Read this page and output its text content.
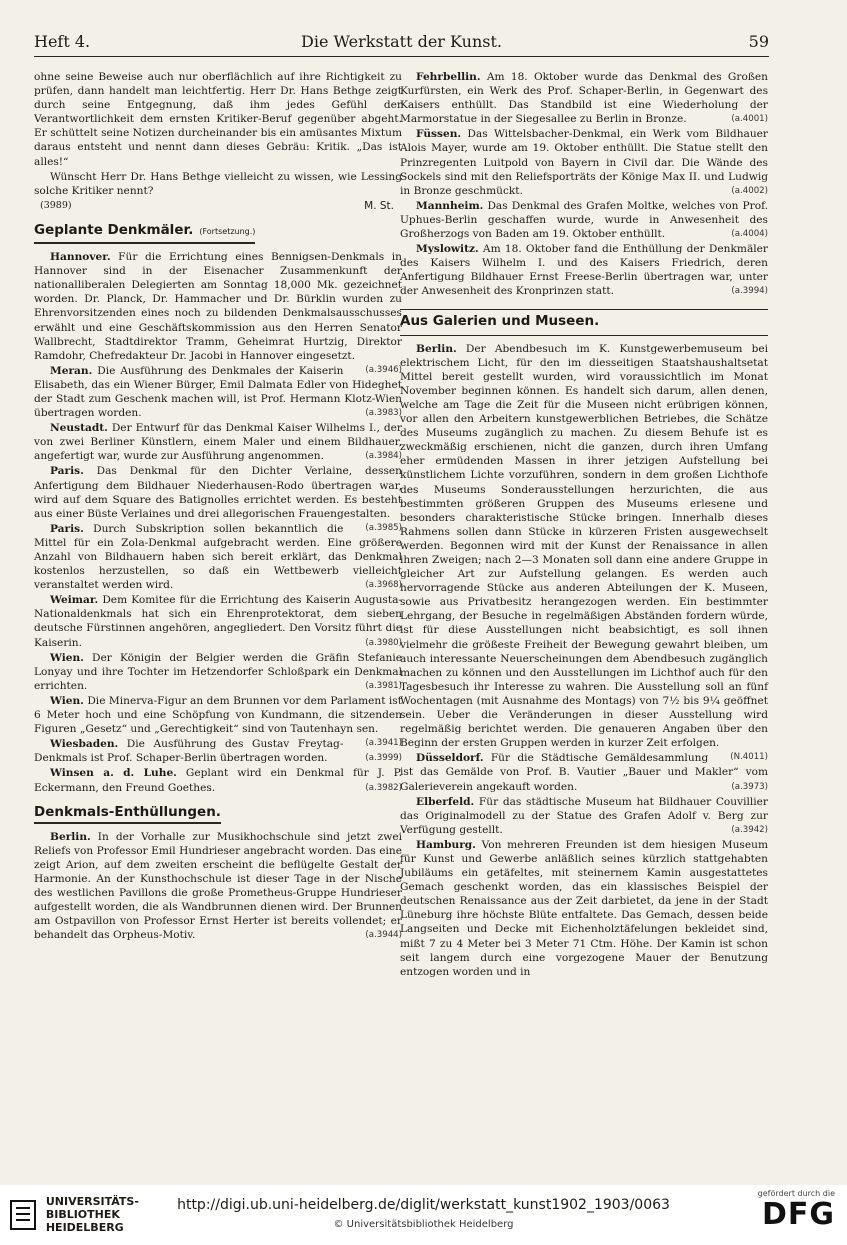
Heft 4.	Die Werkstatt der Kunst.	59

ohne seine Beweise auch nur oberflächlich auf ihre Richtigkeit zu prüfen, dann handelt man leichtfertig. Herr Dr. Hans Bethge zeigt durch seine Entgegnung, daß ihm jedes Gefühl der Verantwortlichkeit dem ernsten Kritiker-Beruf gegenüber abgeht. Er schüttelt seine Notizen durcheinander bis ein amüsantes Mixtum daraus entsteht und nennt dann dieses Gebräu: Kritik. „Das ist alles!“

Wünscht Herr Dr. Hans Bethge vielleicht zu wissen, wie Lessing solche Kritiker nennt?

(3989)	M. St.
Geplante Denkmäler. (Fortsetzung.)

Hannover. Für die Errichtung eines Bennigsen-Denkmals in Hannover sind in der Eisenacher Zusammenkunft der nationalliberalen Delegierten am Sonntag 18,000 Mk. gezeichnet worden. Dr. Planck, Dr. Hammacher und Dr. Bürklin wurden zu Ehrenvorsitzenden eines noch zu bildenden Denkmalsausschusses erwählt und eine Geschäftskommission aus den Herren Senator Wallbrecht, Stadtdirektor Tramm, Geheimrat Hurtzig, Direktor Ramdohr, Chefredakteur Dr. Jacobi in Hannover eingesetzt.
(a.3946)

Meran. Die Ausführung des Denkmales der Kaiserin Elisabeth, das ein Wiener Bürger, Emil Dalmata Edler von Hideghet der Stadt zum Geschenk machen will, ist Prof. Hermann Klotz-Wien übertragen worden.	(a.3983)

Neustadt. Der Entwurf für das Denkmal Kaiser Wilhelms I., der von zwei Berliner Künstlern, einem Maler und einem Bildhauer, angefertigt war, wurde zur Ausführung angenommen.	(a.3984)

Paris. Das Denkmal für den Dichter Verlaine, dessen Anfertigung dem Bildhauer Niederhausen-Rodo übertragen war, wird auf dem Square des Batignolles errichtet werden. Es besteht aus einer Büste Verlaines und drei allegorischen Frauengestalten.
(a.3985)

Paris. Durch Subskription sollen bekanntlich die Mittel für ein Zola-Denkmal aufgebracht werden. Eine größere Anzahl von Bildhauern haben sich bereit erklärt, das Denkmal kostenlos herzustellen, so daß ein Wettbewerb vielleicht veranstaltet werden wird.	(a.3968)

Weimar. Dem Komitee für die Errichtung des Kaiserin Augusta-Nationaldenkmals hat sich ein Ehrenprotektorat, dem sieben deutsche Fürstinnen angehören, angegliedert. Den Vorsitz führt die Kaiserin.	(a.3980)

Wien. Der Königin der Belgier werden die Gräfin Stefanie Lonyay und ihre Tochter im Hetzendorfer Schloßpark ein Denkmal errichten.	(a.3981)

Wien. Die Minerva-Figur an dem Brunnen vor dem Parlament ist 6 Meter hoch und eine Schöpfung von Kundmann, die sitzenden Figuren „Gesetz“ und „Gerechtigkeit“ sind von Tautenhayn sen.
(a.3941)

Wiesbaden. Die Ausführung des Gustav Freytag-Denkmals ist Prof. Schaper-Berlin übertragen worden.	(a.3999)

Winsen a. d. Luhe. Geplant wird ein Denkmal für J. P. Eckermann, den Freund Goethes.	(a.3982)

Denkmals-Enthüllungen.

Berlin. In der Vorhalle zur Musikhochschule sind jetzt zwei Reliefs von Professor Emil Hundrieser angebracht worden. Das eine zeigt Arion, auf dem zweiten erscheint die beflügelte Gestalt der Harmonie. An der Kunsthochschule ist dieser Tage in der Nische des westlichen Pavillons die große Prometheus-Gruppe Hundrieser aufgestellt worden, die als Wandbrunnen dienen wird. Der Brunnen am Ostpavillon von Professor Ernst Herter ist bereits vollendet; er behandelt das Orpheus-Motiv.	(a.3944)

Fehrbellin. Am 18. Oktober wurde das Denkmal des Großen Kurfürsten, ein Werk des Prof. Schaper-Berlin, in Gegenwart des Kaisers enthüllt. Das Standbild ist eine Wiederholung der Marmorstatue in der Siegesallee zu Berlin in Bronze.	(a.4001)

Füssen. Das Wittelsbacher-Denkmal, ein Werk vom Bildhauer Alois Mayer, wurde am 19. Oktober enthüllt. Die Statue stellt den Prinzregenten Luitpold von Bayern in Civil dar. Die Wände des Sockels sind mit den Reliefsporträts der Könige Max II. und Ludwig in Bronze geschmückt.	(a.4002)

Mannheim. Das Denkmal des Grafen Moltke, welches von Prof. Uphues-Berlin geschaffen wurde, wurde in Anwesenheit des Großherzogs von Baden am 19. Oktober enthüllt.	(a.4004)

Myslowitz. Am 18. Oktober fand die Enthüllung der Denkmäler des Kaisers Wilhelm I. und des Kaisers Friedrich, deren Anfertigung Bildhauer Ernst Freese-Berlin übertragen war, unter der Anwesenheit des Kronprinzen statt.	(a.3994)

Aus Galerien und Museen.

Berlin. Der Abendbesuch im K. Kunstgewerbemuseum bei elektrischem Licht, für den im diesseitigen Staatshaushaltsetat Mittel bereit gestellt wurden, wird voraussichtlich im Monat November beginnen können. Es handelt sich darum, allen denen, welche am Tage die Zeit für die Museen nicht erübrigen können, vor allen den Arbeitern kunstgewerblichen Betriebes, die Schätze des Museums zugänglich zu machen. Zu diesem Behufe ist es zweckmäßig erschienen, nicht die ganzen, durch ihren Umfang eher ermüdenden Massen in ihrer jetzigen Aufstellung bei künstlichem Lichte vorzuführen, sondern in dem großen Lichthofe des Museums Sonderausstellungen herzurichten, die aus bestimmten größeren Gruppen des Museums erlesene und besonders charakteristische Stücke bringen. Innerhalb dieses Rahmens sollen dann Stücke in kürzeren Fristen ausgewechselt werden. Begonnen wird mit der Kunst der Renaissance in allen ihren Zweigen; nach 2—3 Monaten soll dann eine andere Gruppe in gleicher Art zur Aufstellung gelangen. Es werden auch hervorragende Stücke aus anderen Abteilungen der K. Museen, sowie aus Privatbesitz herangezogen werden. Ein bestimmter Lehrgang, der Besuche in regelmäßigen Abständen fordern würde, ist für diese Ausstellungen nicht beabsichtigt, es soll ihnen vielmehr die größeste Freiheit der Bewegung gewahrt bleiben, um auch interessante Neuerscheinungen dem Abendbesuch zugänglich machen zu können und den Ausstellungen im Lichthof auch für den Tagesbesuch ihr Interesse zu wahren. Die Ausstellung soll an fünf Wochentagen (mit Ausnahme des Montags) von 7½ bis 9¼ geöffnet sein. Ueber die Veränderungen in dieser Ausstellung wird regelmäßig berichtet werden. Die genaueren Angaben über den Beginn der ersten Gruppen werden in kurzer Zeit erfolgen.
(N.4011)

Düsseldorf. Für die Städtische Gemäldesammlung ist das Gemälde von Prof. B. Vautier „Bauer und Makler“ vom Galerieverein angekauft worden.	(a.3973)

Elberfeld. Für das städtische Museum hat Bildhauer Couvillier das Originalmodell zu der Statue des Grafen Adolf v. Berg zur Verfügung gestellt.	(a.3942)

Hamburg. Von mehreren Freunden ist dem hiesigen Museum für Kunst und Gewerbe anläßlich seines kürzlich stattgehabten Jubiläums ein getäfeltes, mit steinernem Kamin ausgestattetes Gemach geschenkt worden, das ein klassisches Beispiel der deutschen Renaissance aus der Zeit darbietet, da jene in der Stadt Lüneburg ihre höchste Blüte entfaltete. Das Gemach, dessen beide Langseiten und Decke mit Eichenholztäfelungen bekleidet sind, mißt 7 zu 4 Meter bei 3 Meter 71 Ctm. Höhe. Der Kamin ist schon seit langem durch eine vorgezogene Mauer der Benutzung entzogen worden und in

UNIVERSITÄTS-
BIBLIOTHEK
HEIDELBERG
http://digi.ub.uni-heidelberg.de/diglit/werkstatt_kunst1902_1903/0063
© Universitätsbibliothek Heidelberg
gefördert durch die
DFG
